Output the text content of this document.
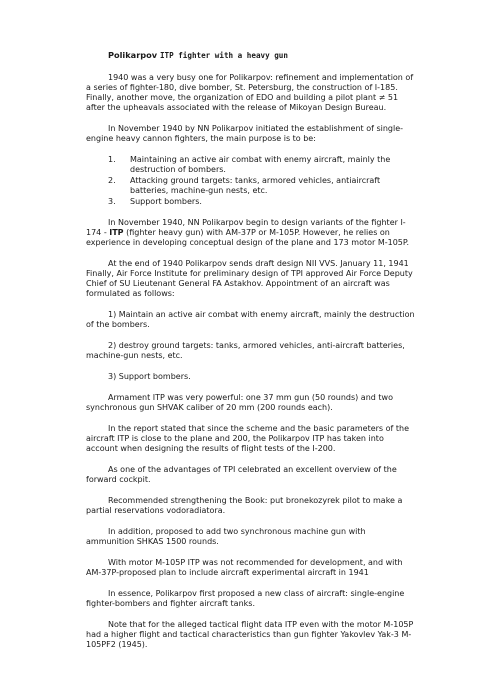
Polikarpov ITP fighter with a heavy gun

1940 was a very busy one for Polikarpov: refinement and implementation of a series of fighter-180, dive bomber, St. Petersburg, the construction of I-185. Finally, another move, the organization of EDO and building a pilot plant ≠ 51 after the upheavals associated with the release of Mikoyan Design Bureau.

In November 1940 by NN Polikarpov initiated the establishment of single-engine heavy cannon fighters, the main purpose is to be:

1. Maintaining an active air combat with enemy aircraft, mainly the destruction of bombers.
2. Attacking ground targets: tanks, armored vehicles, antiaircraft batteries, machine-gun nests, etc.
3. Support bombers.

In November 1940, NN Polikarpov begin to design variants of the fighter I-174 - ITP (fighter heavy gun) with AM-37P or M-105P. However, he relies on experience in developing conceptual design of the plane and 173 motor M-105P.

At the end of 1940 Polikarpov sends draft design NII VVS. January 11, 1941 Finally, Air Force Institute for preliminary design of TPI approved Air Force Deputy Chief of SU Lieutenant General FA Astakhov. Appointment of an aircraft was formulated as follows:

1) Maintain an active air combat with enemy aircraft, mainly the destruction of the bombers.

2) destroy ground targets: tanks, armored vehicles, anti-aircraft batteries, machine-gun nests, etc.

3) Support bombers.

Armament ITP was very powerful: one 37 mm gun (50 rounds) and two synchronous gun SHVAK caliber of 20 mm (200 rounds each).

In the report stated that since the scheme and the basic parameters of the aircraft ITP is close to the plane and 200, the Polikarpov ITP has taken into account when designing the results of flight tests of the I-200.

As one of the advantages of TPI celebrated an excellent overview of the forward cockpit.

Recommended strengthening the Book: put bronekozyrek pilot to make a partial reservations vodoradiatora.

In addition, proposed to add two synchronous machine gun with ammunition SHKAS 1500 rounds.

With motor M-105P ITP was not recommended for development, and with AM-37P-proposed plan to include aircraft experimental aircraft in 1941

In essence, Polikarpov first proposed a new class of aircraft: single-engine fighter-bombers and fighter aircraft tanks.

Note that for the alleged tactical flight data ITP even with the motor M-105P had a higher flight and tactical characteristics than gun fighter Yakovlev Yak-3 M-105PF2 (1945).
